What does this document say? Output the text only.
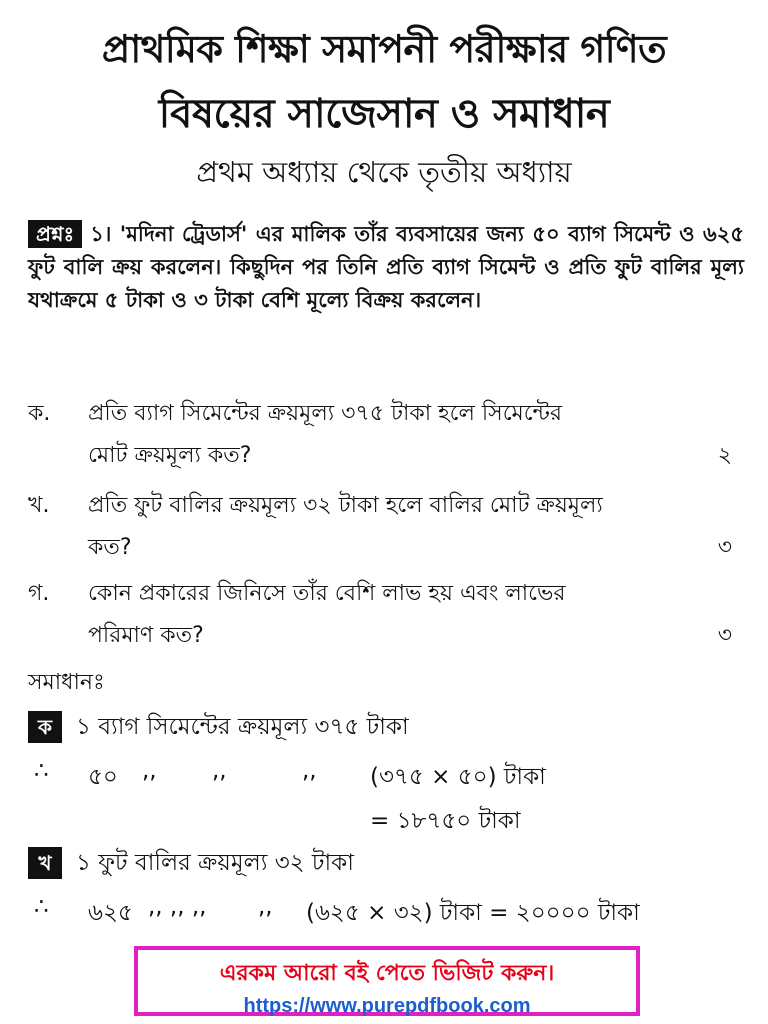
প্রাথমিক শিক্ষা সমাপনী পরীক্ষার গণিত
বিষয়ের সাজেসান ও সমাধান
প্রথম অধ্যায় থেকে তৃতীয় অধ্যায়
প্রশ্নঃ ১। 'মদিনা ট্রেডার্স' এর মালিক তাঁর ব্যবসায়ের জন্য ৫০ ব্যাগ সিমেন্ট ও ৬২৫ ফুট বালি ক্রয় করলেন। কিছুদিন পর তিনি প্রতি ব্যাগ সিমেন্ট ও প্রতি ফুট বালির মূল্য যথাক্রমে ৫ টাকা ও ৩ টাকা বেশি মূল্যে বিক্রয় করলেন।
ক. প্রতি ব্যাগ সিমেন্টের ক্রয়মূল্য ৩৭৫ টাকা হলে সিমেন্টের
মোট ক্রয়মূল্য কত?	২
খ. প্রতি ফুট বালির ক্রয়মূল্য ৩২ টাকা হলে বালির মোট ক্রয়মূল্য
কত?	৩
গ. কোন প্রকারের জিনিসে তাঁর বেশি লাভ হয় এবং লাভের
পরিমাণ কত?	৩
সমাধানঃ
ক ১ ব্যাগ সিমেন্টের ক্রয়মূল্য ৩৭৫ টাকা
∴ ৫০ ,, ,,	,, (৩৭৫ × ৫০) টাকা
= ১৮৭৫০ টাকা
খ ১ ফুট বালির ক্রয়মূল্য ৩২ টাকা
∴ ৬২৫ ,, ,, ,, ,, (৬২৫ × ৩২) টাকা = ২০০০০ টাকা
এরকম আরো বই পেতে ভিজিট করুন।
https://www.purepdfbook.com
